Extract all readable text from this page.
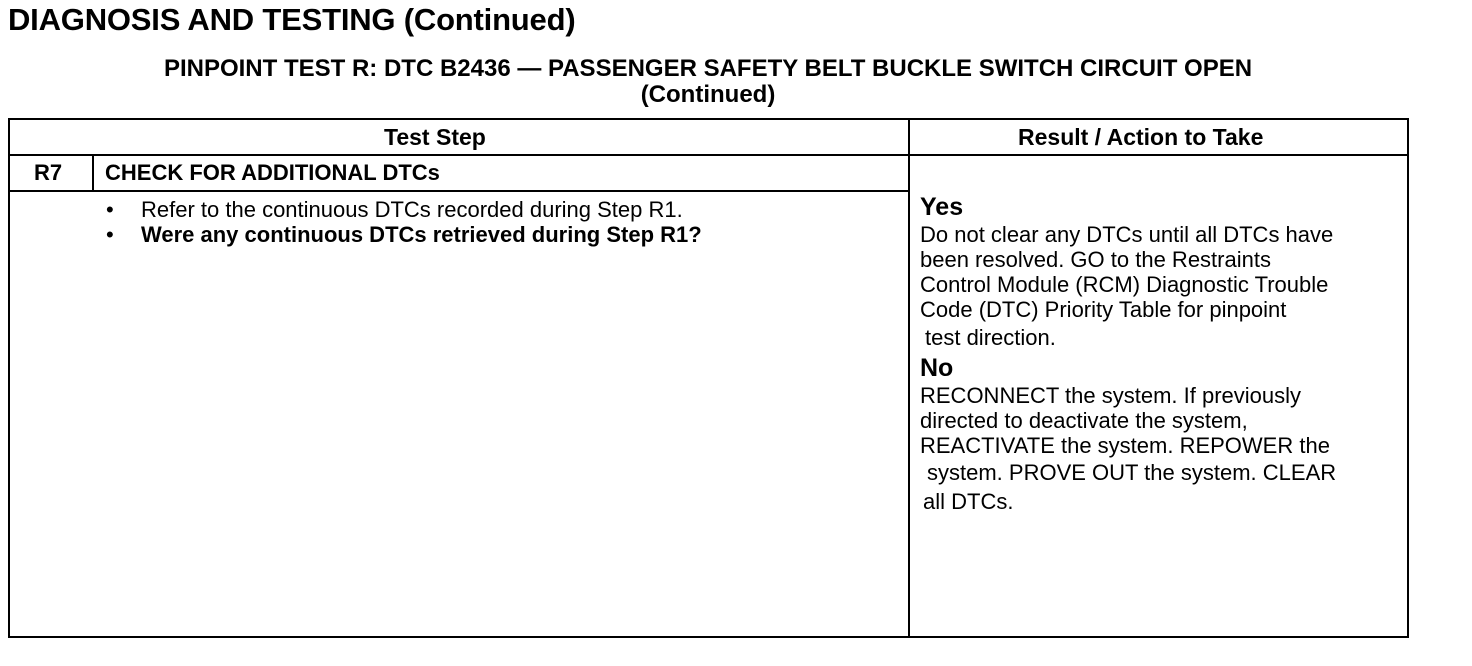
DIAGNOSIS AND TESTING (Continued)
PINPOINT TEST R: DTC B2436 — PASSENGER SAFETY BELT BUCKLE SWITCH CIRCUIT OPEN
(Continued)
Test Step	Result / Action to Take
R7 CHECK FOR ADDITIONAL DTCs
• Refer to the continuous DTCs recorded during Step R1.
• Were any continuous DTCs retrieved during Step R1?
Yes
Do not clear any DTCs until all DTCs have
been resolved. GO to the Restraints
Control Module (RCM) Diagnostic Trouble
Code (DTC) Priority Table for pinpoint
test direction.
No
RECONNECT the system. If previously
directed to deactivate the system,
REACTIVATE the system. REPOWER the
system. PROVE OUT the system. CLEAR
all DTCs.
